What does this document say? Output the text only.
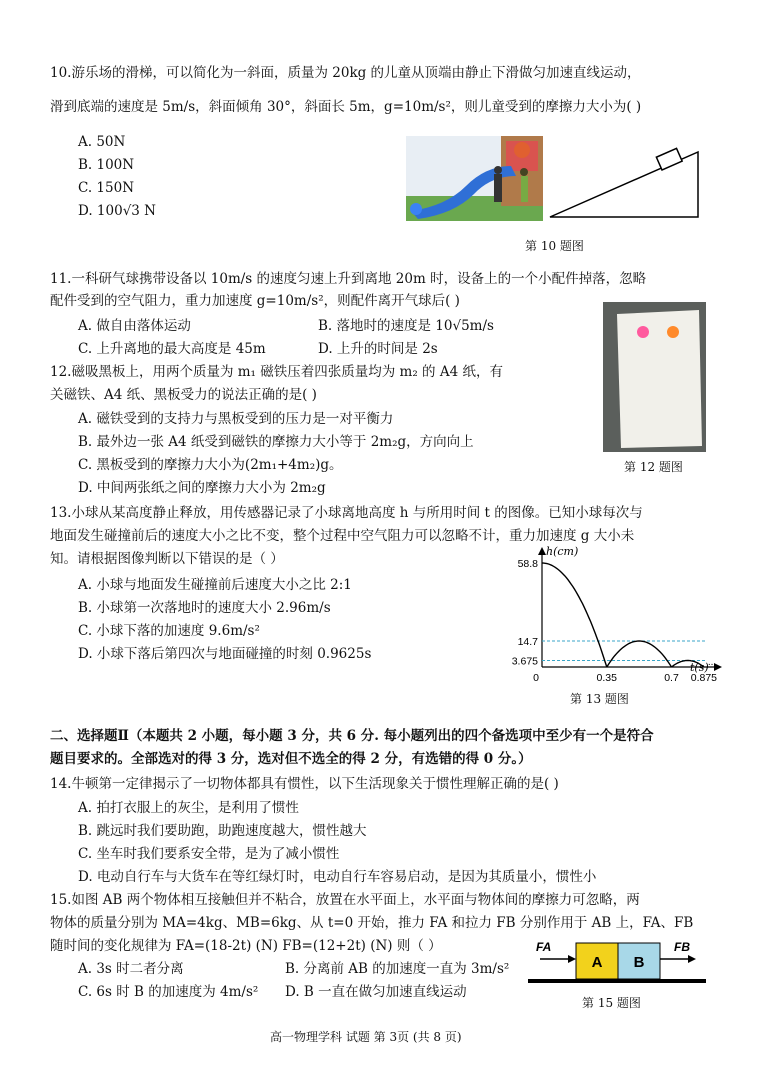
10.游乐场的滑梯，可以简化为一斜面，质量为 20kg 的儿童从顶端由静止下滑做匀加速直线运动，
滑到底端的速度是 5m/s，斜面倾角 30°，斜面长 5m，g=10m/s²，则儿童受到的摩擦力大小为( )
A. 50N
B. 100N
C. 150N
D. 100√3 N
第 10 题图
11.一科研气球携带设备以 10m/s 的速度匀速上升到离地 20m 时，设备上的一个小配件掉落，忽略
配件受到的空气阻力，重力加速度 g=10m/s²，则配件离开气球后( )
A. 做自由落体运动	B. 落地时的速度是 10√5m/s
C. 上升离地的最大高度是 45m	D. 上升的时间是 2s
第 12 题图
12.磁吸黑板上，用两个质量为 m₁ 磁铁压着四张质量均为 m₂ 的 A4 纸，有
关磁铁、A4 纸、黑板受力的说法正确的是( )
A. 磁铁受到的支持力与黑板受到的压力是一对平衡力
B. 最外边一张 A4 纸受到磁铁的摩擦力大小等于 2m₂g，方向向上
C. 黑板受到的摩擦力大小为(2m₁+4m₂)g。
D. 中间两张纸之间的摩擦力大小为 2m₂g
13.小球从某高度静止释放，用传感器记录了小球离地高度 h 与所用时间 t 的图像。已知小球每次与
地面发生碰撞前后的速度大小之比不变，整个过程中空气阻力可以忽略不计，重力加速度 g 大小未
知。请根据图像判断以下错误的是（ ）
A. 小球与地面发生碰撞前后速度大小之比 2:1
B. 小球第一次落地时的速度大小 2.96m/s
C. 小球下落的加速度 9.6m/s²
D. 小球下落后第四次与地面碰撞的时刻 0.9625s
h(cm)
t(s)
58.8
14.7
3.675
0	0.35	0.7 0.875
...
第 13 题图
二、选择题Ⅱ（本题共 2 小题，每小题 3 分，共 6 分. 每小题列出的四个备选项中至少有一个是符合
题目要求的。全部选对的得 3 分，选对但不选全的得 2 分，有选错的得 0 分。）
14.牛顿第一定律揭示了一切物体都具有惯性，以下生活现象关于惯性理解正确的是( )
A. 拍打衣服上的灰尘，是利用了惯性
B. 跳远时我们要助跑，助跑速度越大，惯性越大
C. 坐车时我们要系安全带，是为了减小惯性
D. 电动自行车与大货车在等红绿灯时，电动自行车容易启动，是因为其质量小，惯性小
15.如图 AB 两个物体相互接触但并不粘合，放置在水平面上，水平面与物体间的摩擦力可忽略，两
物体的质量分别为 MA=4kg、MB=6kg、从 t=0 开始，推力 FA 和拉力 FB 分别作用于 AB 上，FA、FB
随时间的变化规律为 FA=(18-2t) (N) FB=(12+2t) (N) 则（ ）
A. 3s 时二者分离	B. 分离前 AB 的加速度一直为 3m/s²
C. 6s 时 B 的加速度为 4m/s² D. B 一直在做匀加速直线运动
A B
FA	FB
第 15 题图
高一物理学科 试题 第 3页 (共 8 页)
